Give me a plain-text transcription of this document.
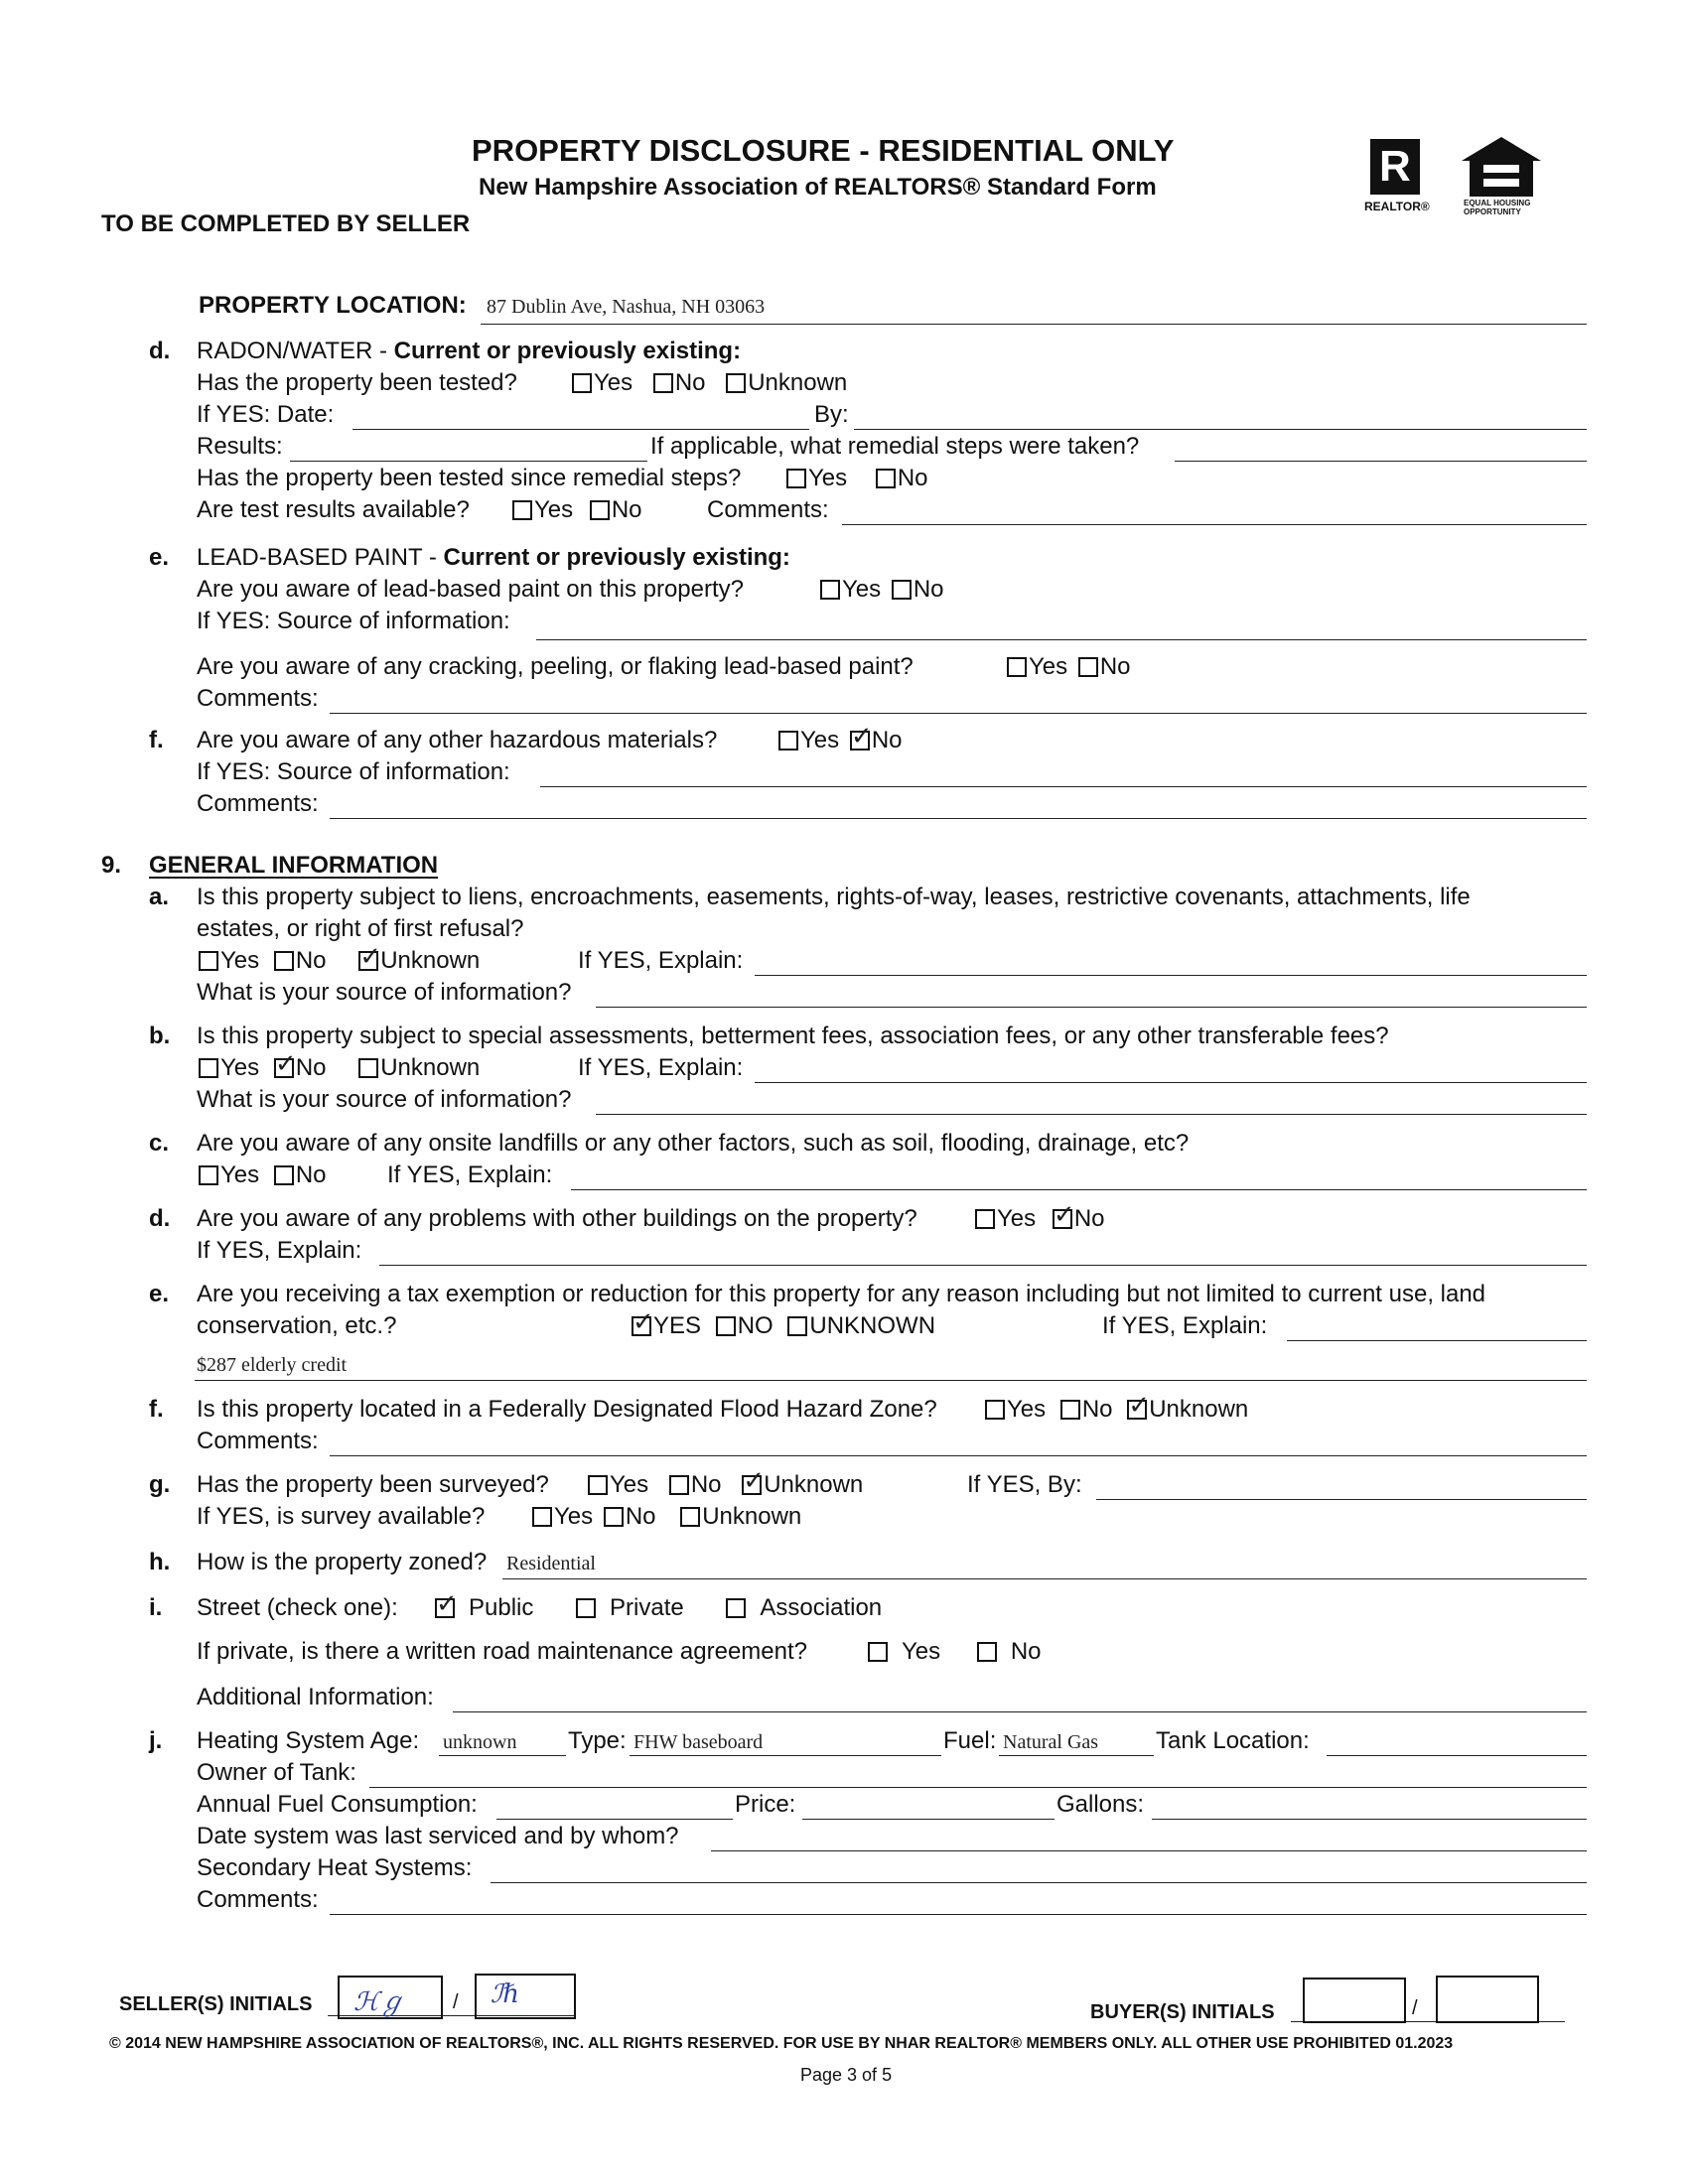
PROPERTY DISCLOSURE - RESIDENTIAL ONLY
New Hampshire Association of REALTORS® Standard Form
TO BE COMPLETED BY SELLER
R
REALTOR®	EQUAL HOUSING OPPORTUNITY
PROPERTY LOCATION: 87 Dublin Ave, Nashua, NH 03063
d. RADON/WATER - Current or previously existing:
Has the property been tested?	Yes No Unknown
If YES: Date:	By:
Results:	If applicable, what remedial steps were taken?
Has the property been tested since remedial steps?	Yes No
Are test results available?	Yes No	Comments:
e. LEAD-BASED PAINT - Current or previously existing:
Are you aware of lead-based paint on this property?	Yes No
If YES: Source of information:
Are you aware of any cracking, peeling, or flaking lead-based paint?	Yes No
Comments:
f. Are you aware of any other hazardous materials?	Yes ✓ No
If YES: Source of information:
Comments:
9. GENERAL INFORMATION
a. Is this property subject to liens, encroachments, easements, rights-of-way, leases, restrictive covenants, attachments, life
estates, or right of first refusal?
Yes No ✓ Unknown	If YES, Explain:
What is your source of information?
b. Is this property subject to special assessments, betterment fees, association fees, or any other transferable fees?
Yes ✓ No Unknown	If YES, Explain:
What is your source of information?
c. Are you aware of any onsite landfills or any other factors, such as soil, flooding, drainage, etc?
Yes No	If YES, Explain:
d. Are you aware of any problems with other buildings on the property?	Yes ✓ No
If YES, Explain:
e. Are you receiving a tax exemption or reduction for this property for any reason including but not limited to current use, land
conservation, etc.? ✓	YES NO UNKNOWN	If YES, Explain:
$287 elderly credit
f. Is this property located in a Federally Designated Flood Hazard Zone?	Yes No ✓ Unknown
Comments:
g. Has the property been surveyed?	Yes No ✓ Unknown	If YES, By:
If YES, is survey available?	Yes No Unknown
h. How is the property zoned? Residential
i. Street (check one): ✓	Public	Private	Association
If private, is there a written road maintenance agreement?	Yes	No
Additional Information:
j. Heating System Age: unknown Type: FHW baseboard	Fuel: Natural Gas Tank Location:
Owner of Tank:
Annual Fuel Consumption:	Price:	Gallons:
Date system was last serviced and by whom?
Secondary Heat Systems:
Comments:
SELLER(S) INITIALS ℋℊ / ℐℏ
BUYER(S) INITIALS	/
© 2014 NEW HAMPSHIRE ASSOCIATION OF REALTORS®, INC. ALL RIGHTS RESERVED. FOR USE BY NHAR REALTOR® MEMBERS ONLY. ALL OTHER USE PROHIBITED 01.2023
Page 3 of 5
